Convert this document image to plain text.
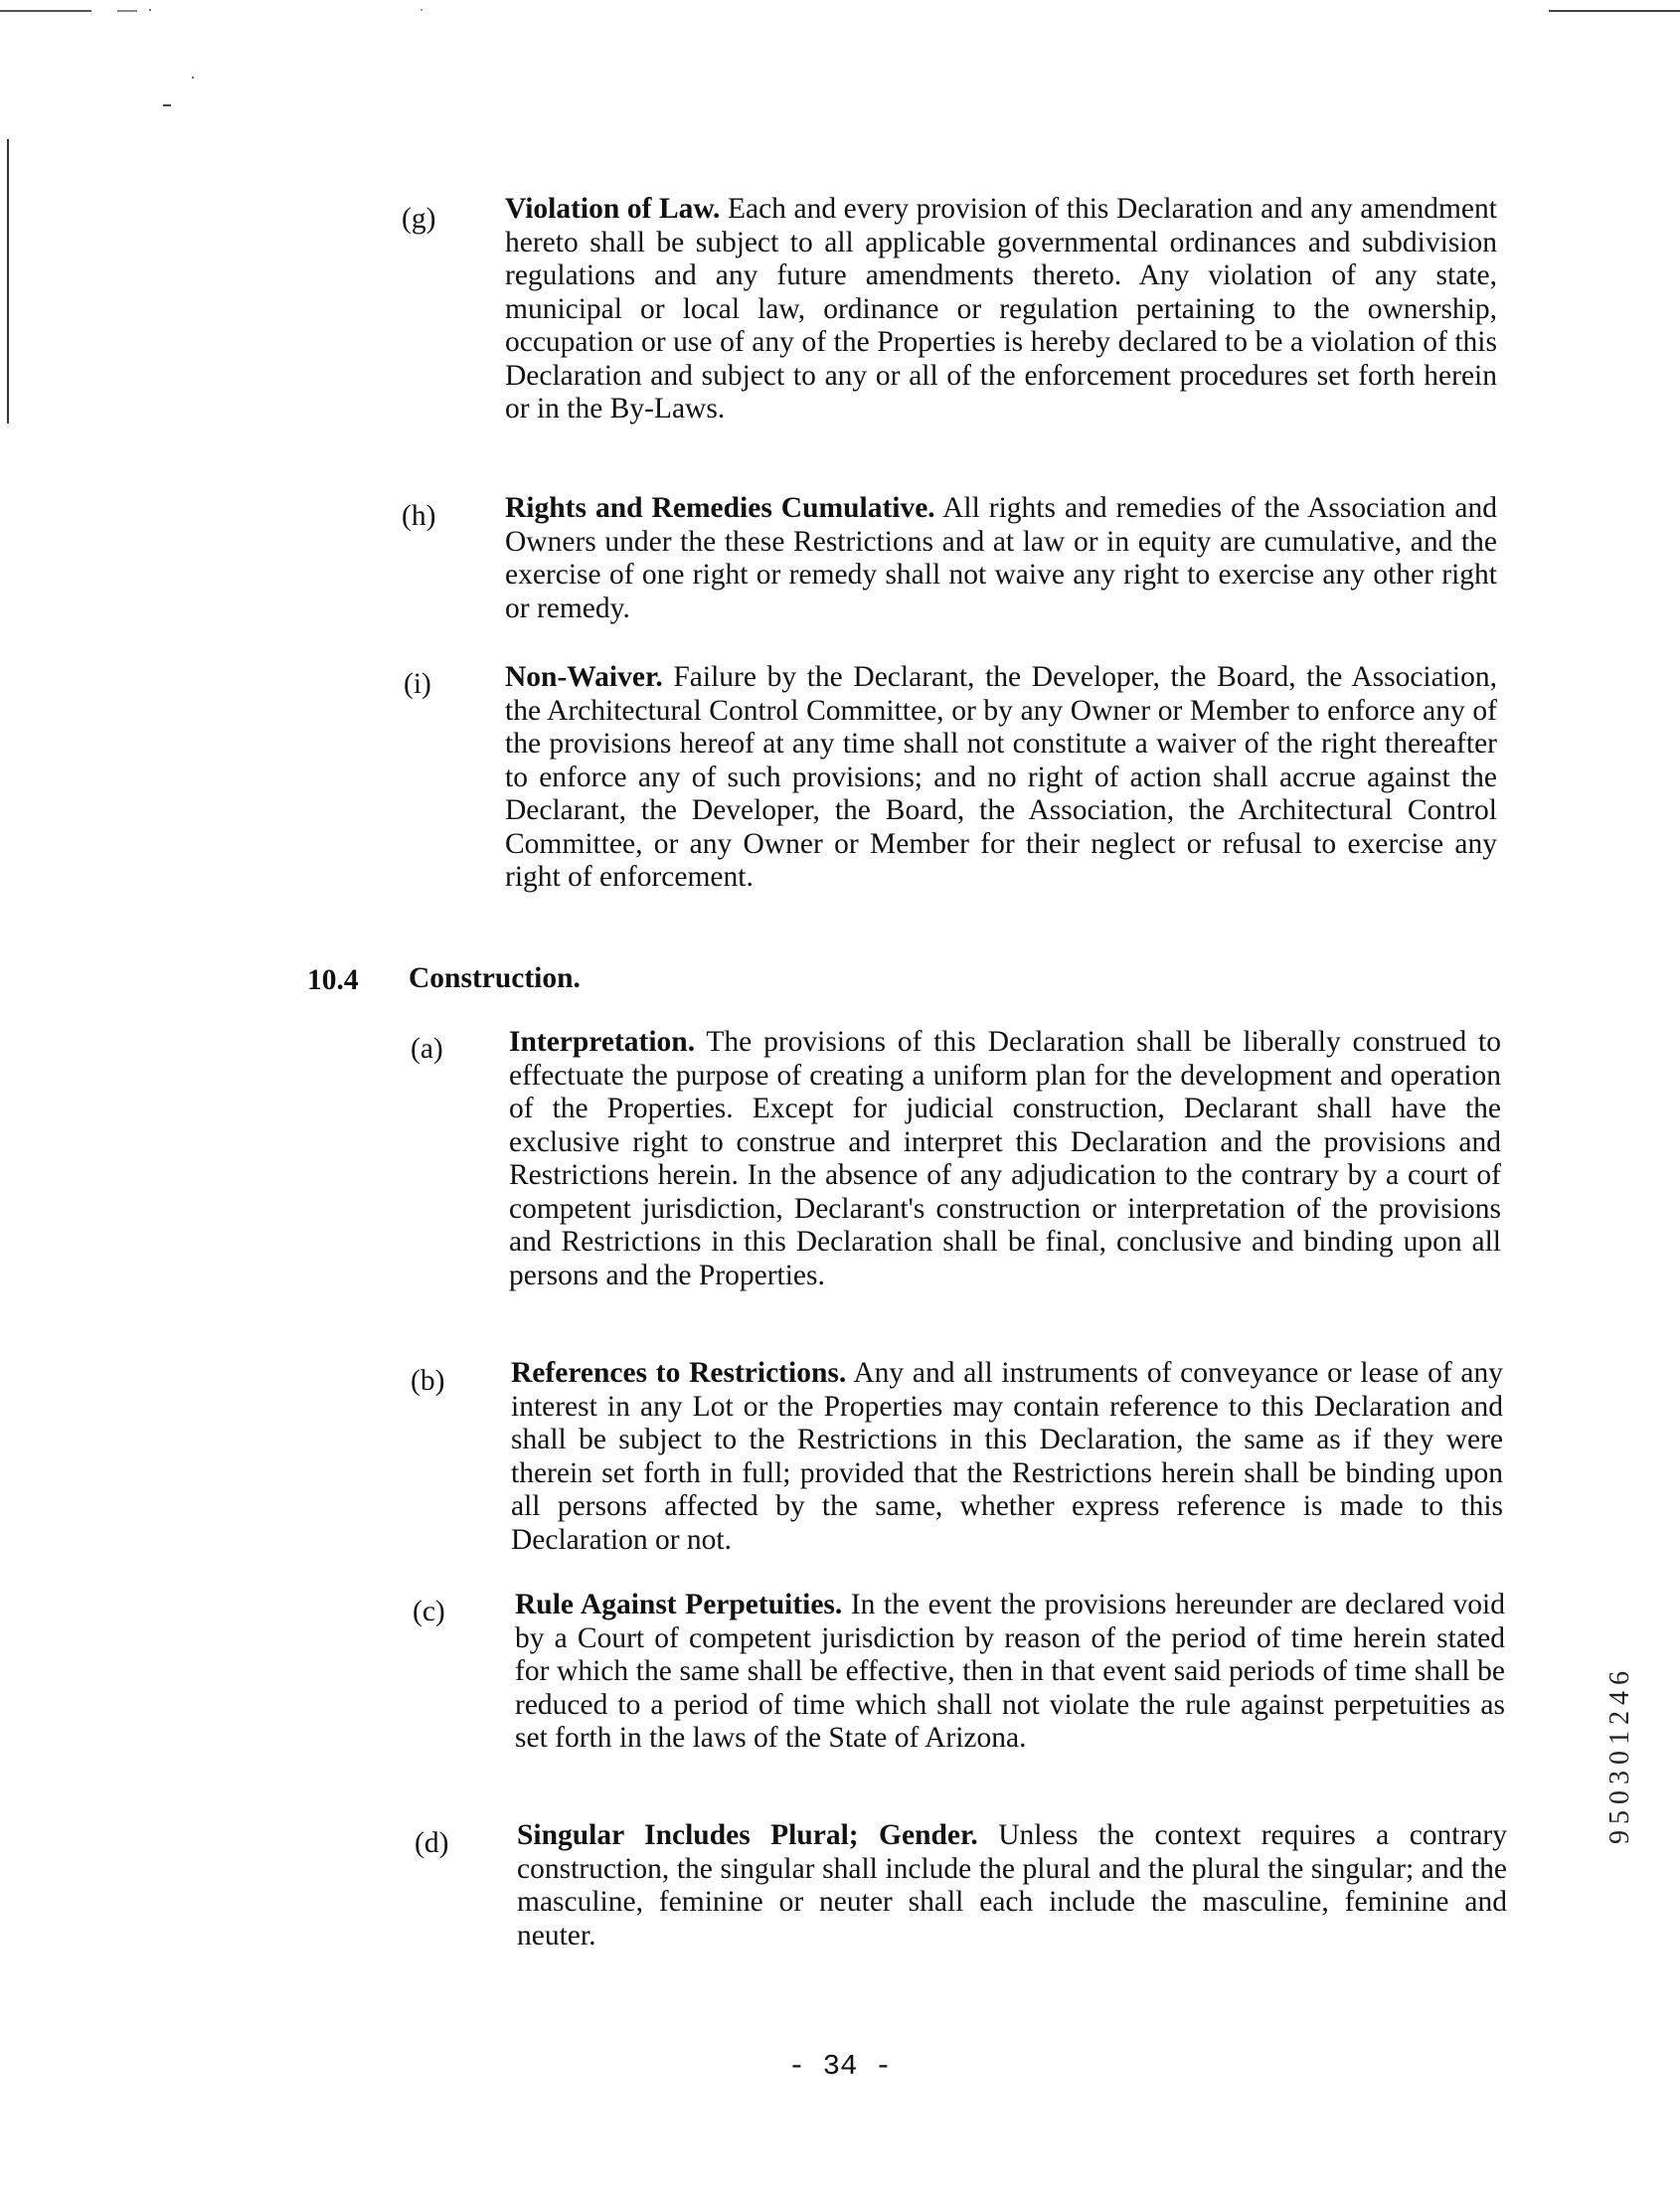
(g) Violation of Law. Each and every provision of this Declaration and any amendment hereto shall be subject to all applicable governmental ordinances and subdivision regulations and any future amendments thereto. Any violation of any state, municipal or local law, ordinance or regulation pertaining to the ownership, occupation or use of any of the Properties is hereby declared to be a violation of this Declaration and subject to any or all of the enforcement procedures set forth herein or in the By-Laws.
(h) Rights and Remedies Cumulative. All rights and remedies of the Association and Owners under the these Restrictions and at law or in equity are cumulative, and the exercise of one right or remedy shall not waive any right to exercise any other right or remedy.
(i)	Non-Waiver. Failure by the Declarant, the Developer, the Board, the Association, the Architectural Control Committee, or by any Owner or Member to enforce any of the provisions hereof at any time shall not constitute a waiver of the right thereafter to enforce any of such provisions; and no right of action shall accrue against the Declarant, the Developer, the Board, the Association, the Architectural Control Committee, or any Owner or Member for their neglect or refusal to exercise any right of enforcement.
10.4 Construction.
(a) Interpretation. The provisions of this Declaration shall be liberally construed to effectuate the purpose of creating a uniform plan for the development and operation of the Properties. Except for judicial construction, Declarant shall have the exclusive right to construe and interpret this Declaration and the provisions and Restrictions herein. In the absence of any adjudication to the contrary by a court of competent jurisdiction, Declarant's construction or interpretation of the provisions and Restrictions in this Declaration shall be final, conclusive and binding upon all persons and the Properties.
(b) References to Restrictions. Any and all instruments of conveyance or lease of any interest in any Lot or the Properties may contain reference to this Declaration and shall be subject to the Restrictions in this Declaration, the same as if they were therein set forth in full; provided that the Restrictions herein shall be binding upon all persons affected by the same, whether express reference is made to this Declaration or not.
(c) Rule Against Perpetuities. In the event the provisions hereunder are declared void by a Court of competent jurisdiction by reason of the period of time herein stated for which the same shall be effective, then in that event said periods of time shall be reduced to a period of time which shall not violate the rule against perpetuities as set forth in the laws of the State of Arizona.
(d) Singular Includes Plural; Gender. Unless the context requires a contrary construction, the singular shall include the plural and the plural the singular; and the masculine, feminine or neuter shall each include the masculine, feminine and neuter.
- 34 -
950301246
